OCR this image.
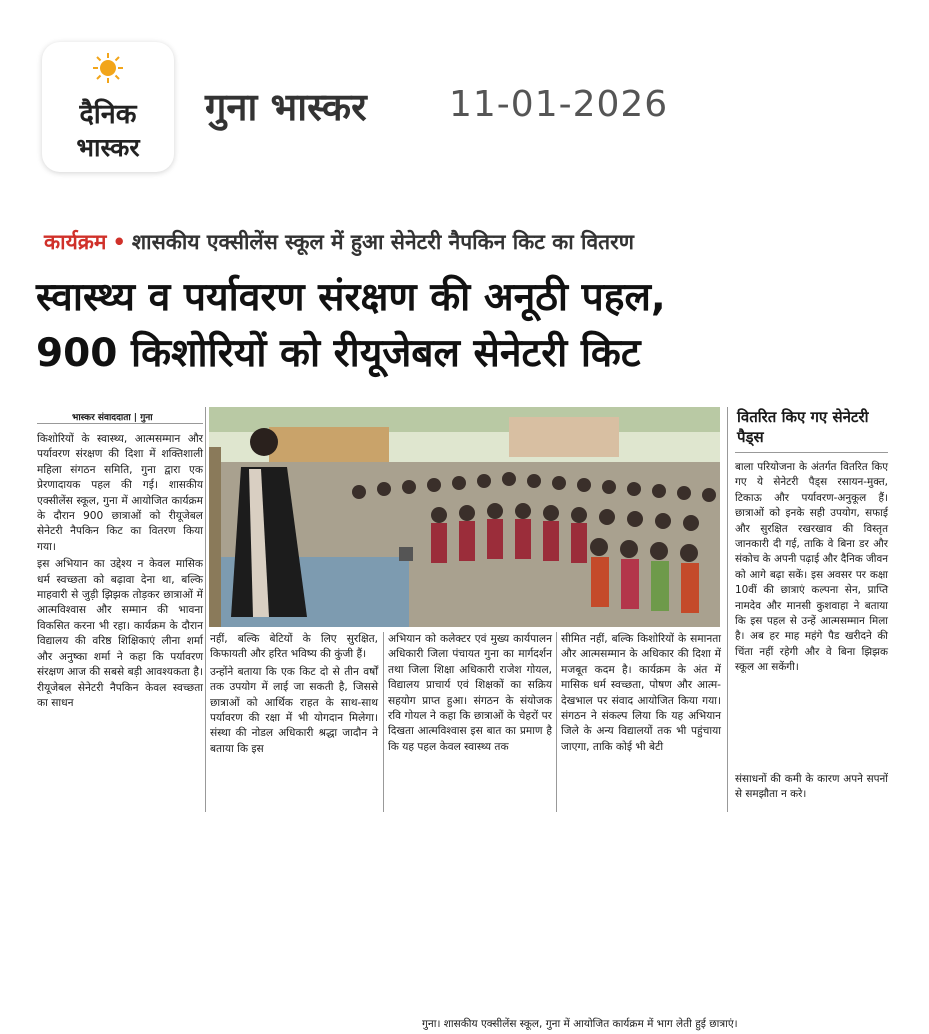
दैनिक
भास्कर
गुना भास्कर 11-01-2026
कार्यक्रम • शासकीय एक्सीलेंस स्कूल में हुआ सेनेटरी नैपकिन किट का वितरण
स्वास्थ्य व पर्यावरण संरक्षण की अनूठी पहल,
900 किशोरियों को रीयूजेबल सेनेटरी किट
भास्कर संवाददाता | गुना

किशोरियों के स्वास्थ्य, आत्मसम्मान और पर्यावरण संरक्षण की दिशा में शक्तिशाली महिला संगठन समिति, गुना द्वारा एक प्रेरणादायक पहल की गई। शासकीय एक्सीलेंस स्कूल, गुना में आयोजित कार्यक्रम के दौरान 900 छात्राओं को रीयूजेबल सेनेटरी नैपकिन किट का वितरण किया गया।

इस अभियान का उद्देश्य न केवल मासिक धर्म स्वच्छता को बढ़ावा देना था, बल्कि माहवारी से जुड़ी झिझक तोड़कर छात्राओं में आत्मविश्वास और सम्मान की भावना विकसित करना भी रहा। कार्यक्रम के दौरान विद्यालय की वरिष्ठ शिक्षिकाएं लीना शर्मा और अनुष्का शर्मा ने कहा कि पर्यावरण संरक्षण आज की सबसे बड़ी आवश्यकता है। रीयूजेबल सेनेटरी नैपकिन केवल स्वच्छता का साधन

गुना। शासकीय एक्सीलेंस स्कूल, गुना में आयोजित कार्यक्रम में भाग लेती हुई छात्राएं।

नहीं, बल्कि बेटियों के लिए सुरक्षित, किफायती और हरित भविष्य की कुंजी हैं।

उन्होंने बताया कि एक किट दो से तीन वर्षों तक उपयोग में लाई जा सकती है, जिससे छात्राओं को आर्थिक राहत के साथ-साथ पर्यावरण की रक्षा में भी योगदान मिलेगा। संस्था की नोडल अधिकारी श्रद्धा जादौन ने बताया कि इस

अभियान को कलेक्टर एवं मुख्य कार्यपालन अधिकारी जिला पंचायत गुना का मार्गदर्शन तथा जिला शिक्षा अधिकारी राजेश गोयल, विद्यालय प्राचार्य एवं शिक्षकों का सक्रिय सहयोग प्राप्त हुआ। संगठन के संयोजक रवि गोयल ने कहा कि छात्राओं के चेहरों पर दिखता आत्मविश्वास इस बात का प्रमाण है कि यह पहल केवल स्वास्थ्य तक

सीमित नहीं, बल्कि किशोरियों के समानता और आत्मसम्मान के अधिकार की दिशा में मजबूत कदम है। कार्यक्रम के अंत में मासिक धर्म स्वच्छता, पोषण और आत्म-देखभाल पर संवाद आयोजित किया गया। संगठन ने संकल्प लिया कि यह अभियान जिले के अन्य विद्यालयों तक भी पहुंचाया जाएगा, ताकि कोई भी बेटी

वितरित किए गए सेनेटरी पैड्स

बाला परियोजना के अंतर्गत वितरित किए गए ये सेनेटरी पैड्स रसायन-मुक्त, टिकाऊ और पर्यावरण-अनुकूल हैं। छात्राओं को इनके सही उपयोग, सफाई और सुरक्षित रखरखाव की विस्तृत जानकारी दी गई, ताकि वे बिना डर और संकोच के अपनी पढ़ाई और दैनिक जीवन को आगे बढ़ा सकें। इस अवसर पर कक्षा 10वीं की छात्राएं कल्पना सेन, प्राप्ति नामदेव और मानसी कुशवाहा ने बताया कि इस पहल से उन्हें आत्मसम्मान मिला है। अब हर माह महंगे पैड खरीदने की चिंता नहीं रहेगी और वे बिना झिझक स्कूल आ सकेंगी।

संसाधनों की कमी के कारण अपने सपनों से समझौता न करे।
